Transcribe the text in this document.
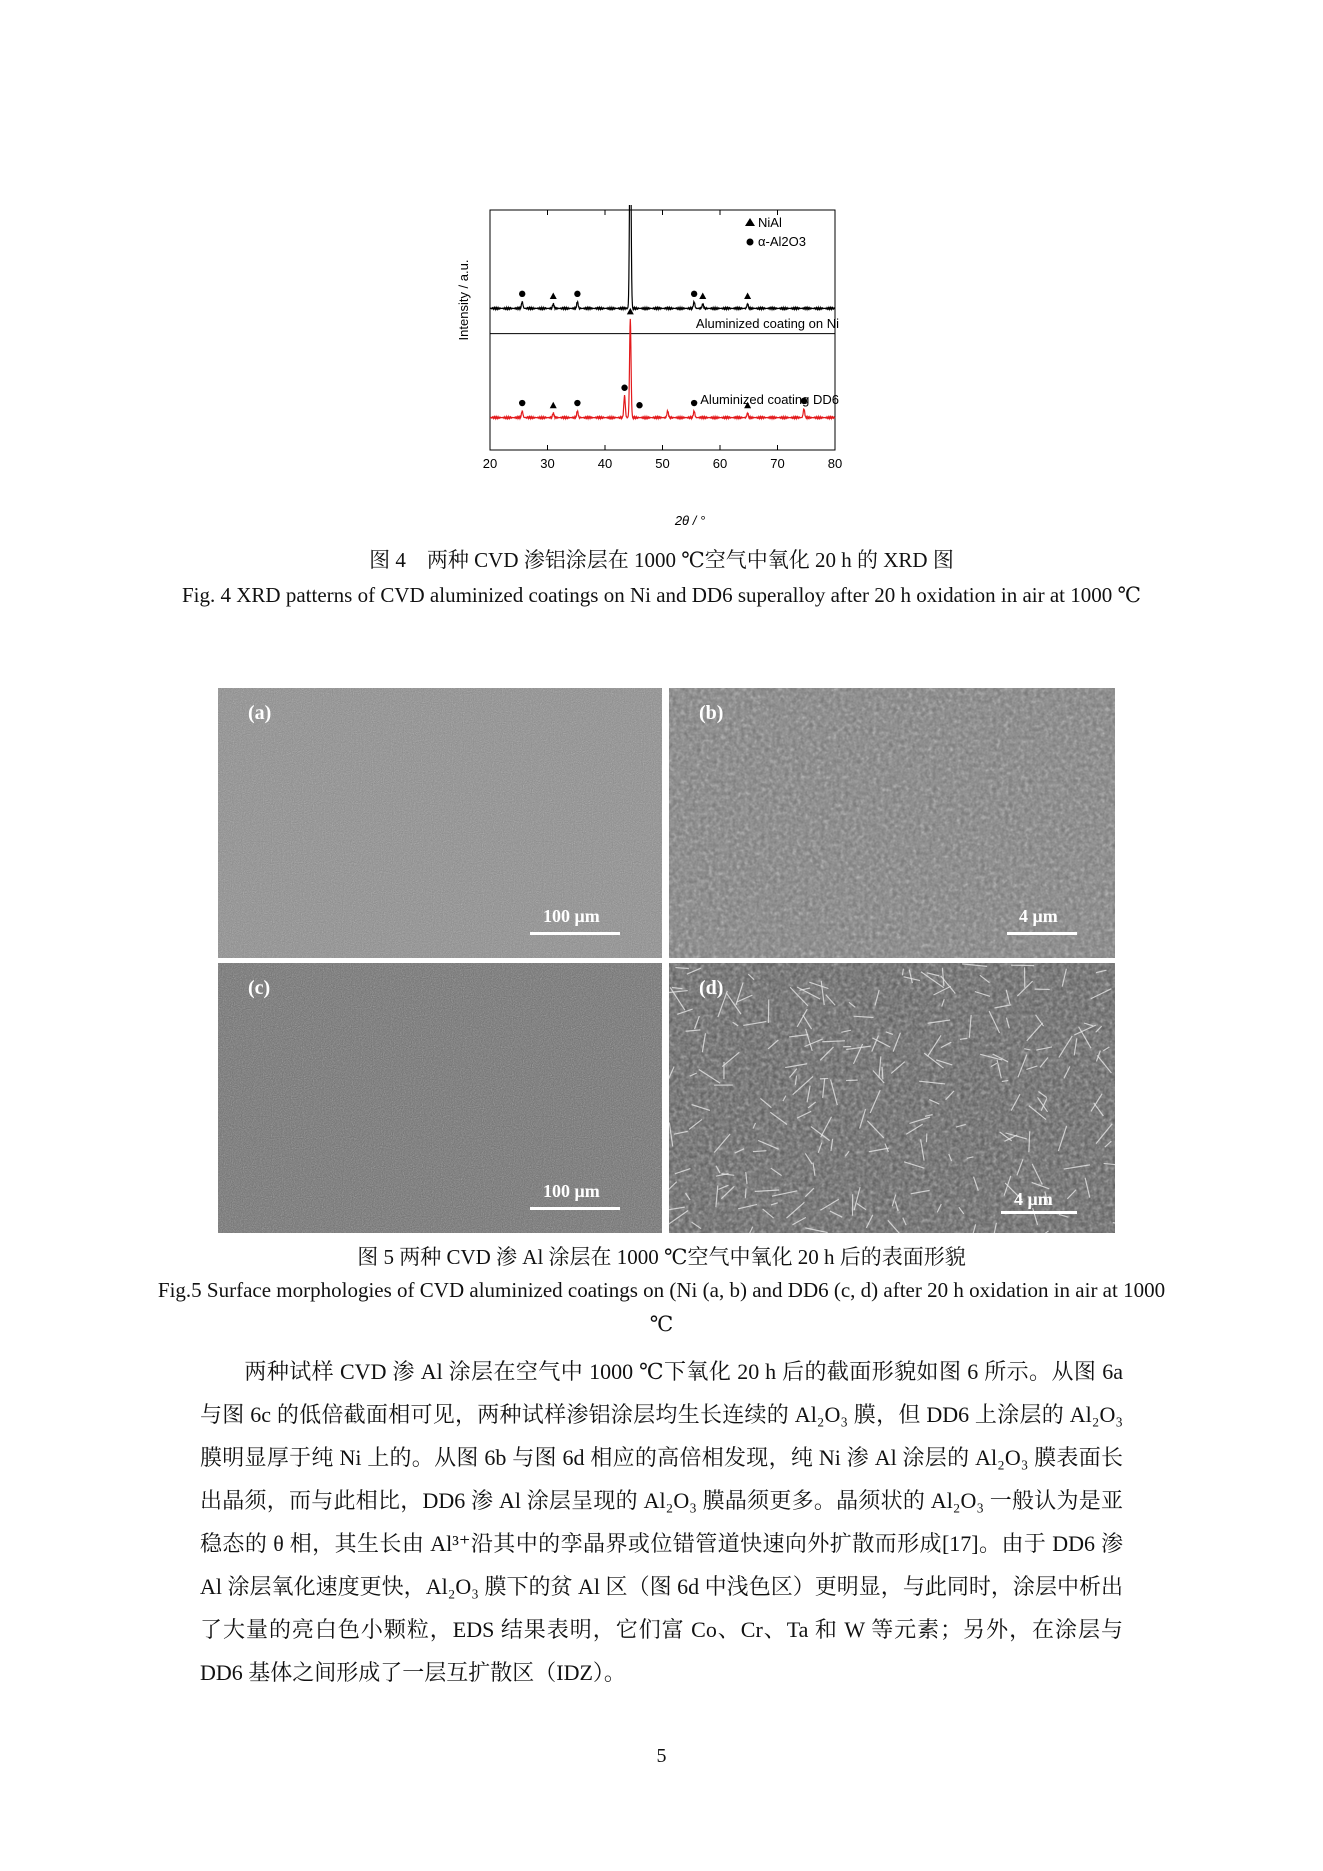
20	30	40	50	60	70	80
Intensity / a.u.
2θ / °
NiAl
α-Al2O3
Aluminized coating on Ni
Aluminized coating DD6
图 4　两种 CVD 渗铝涂层在 1000 ℃空气中氧化 20 h 的 XRD 图
Fig. 4 XRD patterns of CVD aluminized coatings on Ni and DD6 superalloy after 20 h oxidation in air at 1000 ℃
(a)
100 μm
(b)
4 μm
(c)
100 μm
(d)
4 μm
图 5 两种 CVD 渗 Al 涂层在 1000 ℃空气中氧化 20 h 后的表面形貌
Fig.5 Surface morphologies of CVD aluminized coatings on (Ni (a, b) and DD6 (c, d) after 20 h oxidation in air at 1000 ℃
两种试样 CVD 渗 Al 涂层在空气中 1000 ℃下氧化 20 h 后的截面形貌如图 6 所示。从图 6a 与图 6c 的低倍截面相可见，两种试样渗铝涂层均生长连续的 Al₂O₃ 膜，但 DD6 上涂层的 Al₂O₃ 膜明显厚于纯 Ni 上的。从图 6b 与图 6d 相应的高倍相发现，纯 Ni 渗 Al 涂层的 Al₂O₃ 膜表面长出晶须，而与此相比，DD6 渗 Al 涂层呈现的 Al₂O₃ 膜晶须更多。晶须状的 Al₂O₃ 一般认为是亚稳态的 θ 相，其生长由 Al³⁺沿其中的孪晶界或位错管道快速向外扩散而形成[17]。由于 DD6 渗 Al 涂层氧化速度更快，Al₂O₃ 膜下的贫 Al 区（图 6d 中浅色区）更明显，与此同时，涂层中析出了大量的亮白色小颗粒，EDS 结果表明，它们富 Co、Cr、Ta 和 W 等元素；另外，在涂层与 DD6 基体之间形成了一层互扩散区（IDZ）。
5
